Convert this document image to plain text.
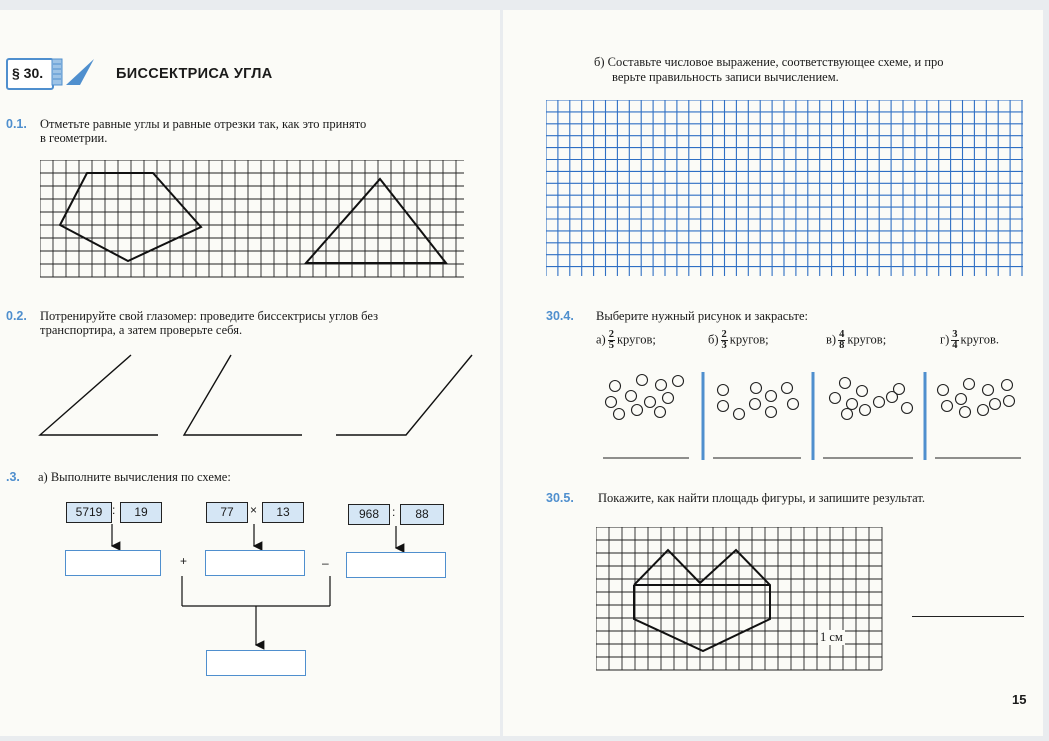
§ 30.	БИССЕКТРИСА УГЛА
0.1. Отметьте равные углы и равные отрезки так, как это принято
в геометрии.
0.2. Потренируйте свой глазомер: проведите биссектрисы углов без
транспортира, а затем проверьте себя.
.3. а) Выполните вычисления по схеме:
5719 :	19	77	×	13	968	:	88
+	–
б) Составьте числовое выражение, соответствующее схеме, и про
верьте правильность записи вычислением.
30.4. Выберите нужный рисунок и закрасьте:
$а) \frac{2}{5}$ кругов;	$б) \frac{2}{3}$ кругов;	$в) \frac{4}{8}$ кругов;	$г) \frac{3}{4}$ кругов.
30.5. Покажите, как найти площадь фигуры, и запишите результат.
1 см
15
